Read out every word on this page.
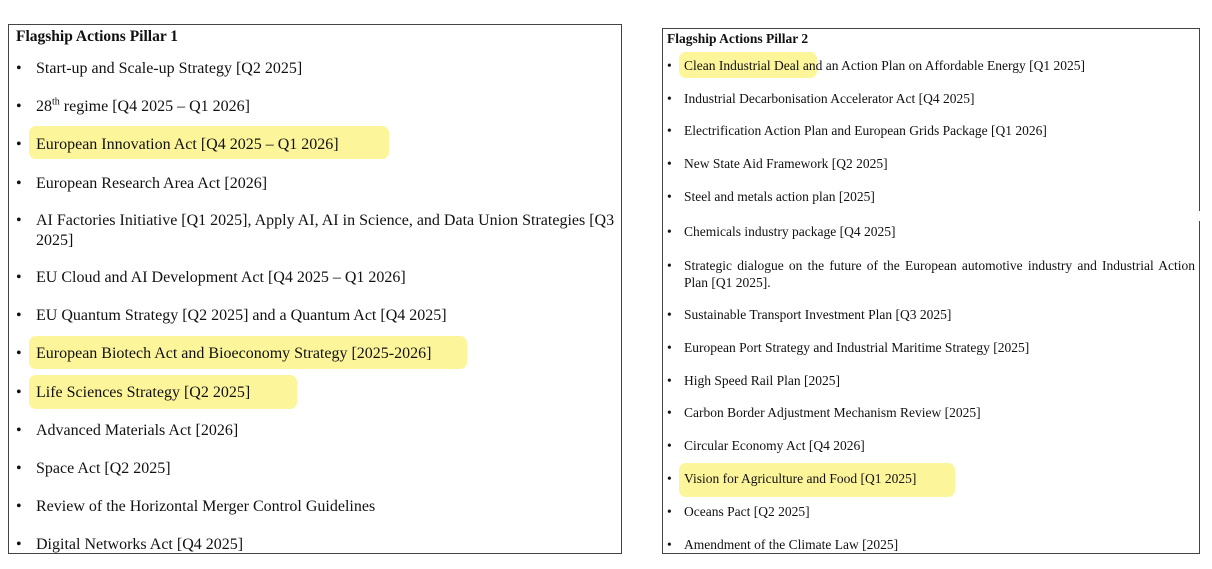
Flagship Actions Pillar 1
• Start-up and Scale-up Strategy [Q2 2025]
• 28th regime [Q4 2025 – Q1 2026]
• European Innovation Act [Q4 2025 – Q1 2026]
• European Research Area Act [2026]
• AI Factories Initiative [Q1 2025], Apply AI, AI in Science, and Data Union Strategies [Q3 2025]
• EU Cloud and AI Development Act [Q4 2025 – Q1 2026]
• EU Quantum Strategy [Q2 2025] and a Quantum Act [Q4 2025]
• European Biotech Act and Bioeconomy Strategy [2025-2026]
• Life Sciences Strategy [Q2 2025]
• Advanced Materials Act [2026]
• Space Act [Q2 2025]
• Review of the Horizontal Merger Control Guidelines
• Digital Networks Act [Q4 2025]
Flagship Actions Pillar 2
• Clean Industrial Deal and an Action Plan on Affordable Energy [Q1 2025]
• Industrial Decarbonisation Accelerator Act [Q4 2025]
• Electrification Action Plan and European Grids Package [Q1 2026]
• New State Aid Framework [Q2 2025]
• Steel and metals action plan [2025]
• Chemicals industry package [Q4 2025]
• Strategic dialogue on the future of the European automotive industry and Industrial Action Plan [Q1 2025].
• Sustainable Transport Investment Plan [Q3 2025]
• European Port Strategy and Industrial Maritime Strategy [2025]
• High Speed Rail Plan [2025]
• Carbon Border Adjustment Mechanism Review [2025]
• Circular Economy Act [Q4 2026]
• Vision for Agriculture and Food [Q1 2025]
• Oceans Pact [Q2 2025]
• Amendment of the Climate Law [2025]
